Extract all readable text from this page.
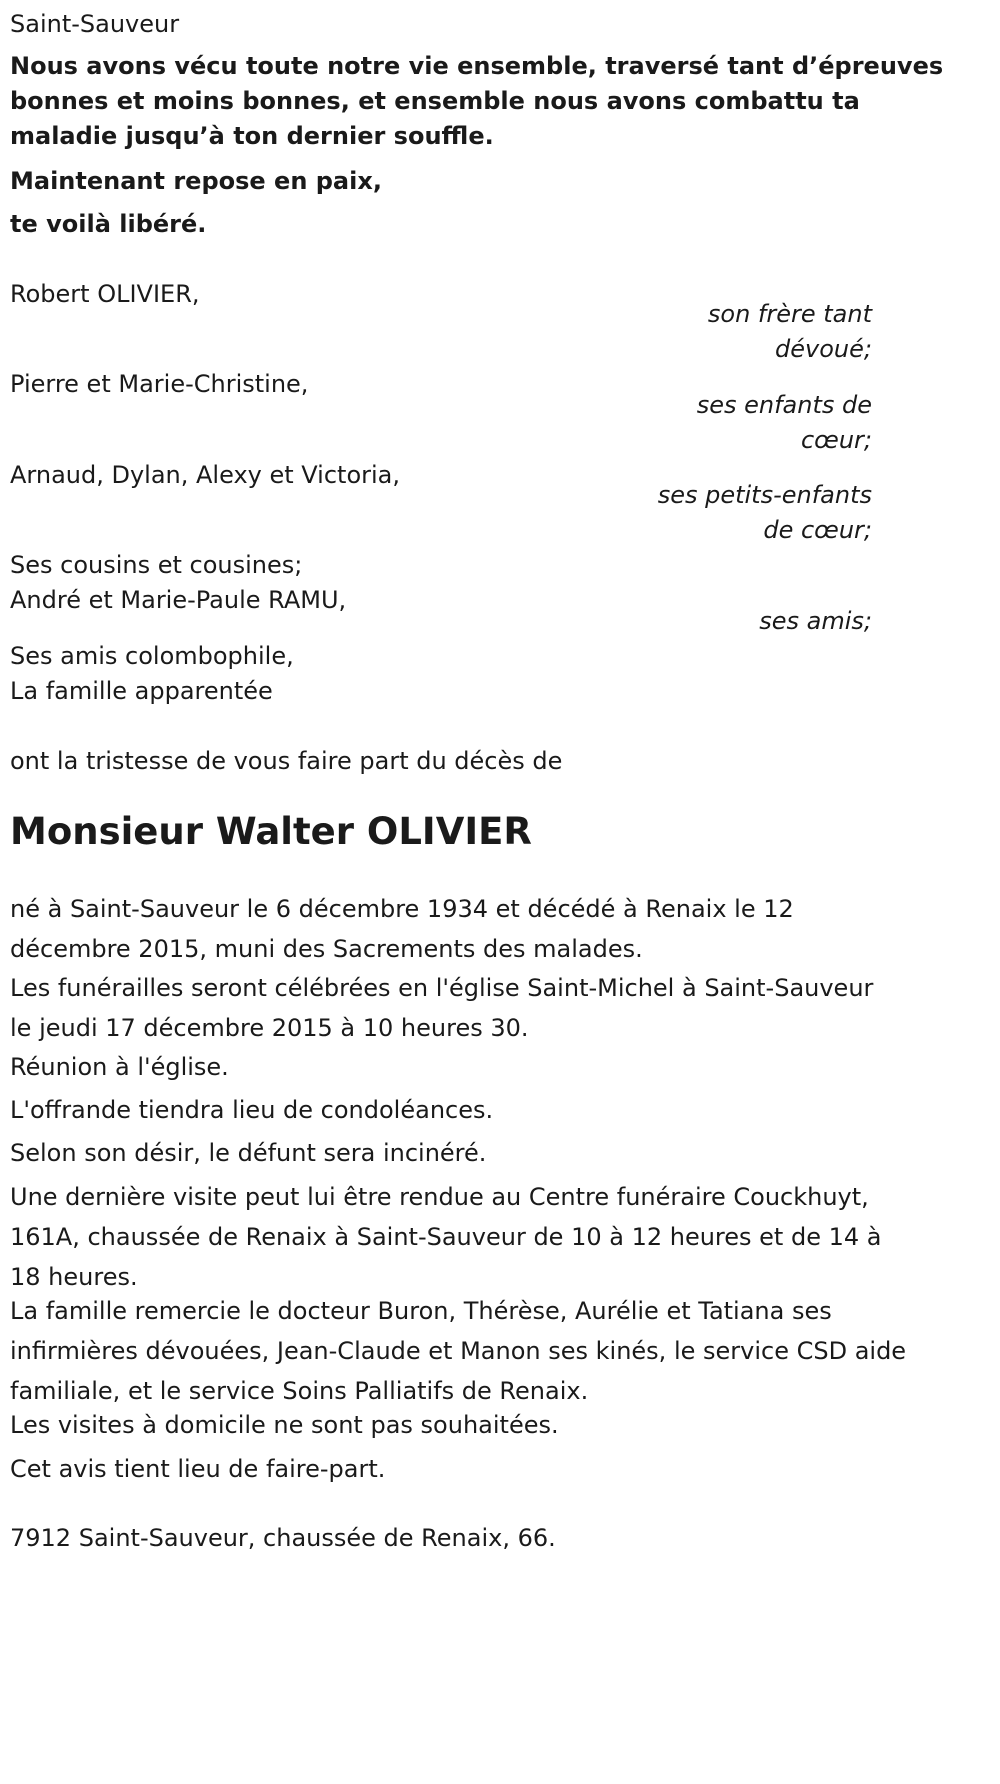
Saint-Sauveur
Nous avons vécu toute notre vie ensemble, traversé tant d’épreuves
bonnes et moins bonnes, et ensemble nous avons combattu ta
maladie jusqu’à ton dernier souffle.
Maintenant repose en paix,
te voilà libéré.
Robert OLIVIER,
son frère tant
dévoué;
Pierre et Marie-Christine,
ses enfants de
cœur;
Arnaud, Dylan, Alexy et Victoria,
ses petits-enfants
de cœur;
Ses cousins et cousines;
André et Marie-Paule RAMU,
ses amis;
Ses amis colombophile,
La famille apparentée
ont la tristesse de vous faire part du décès de
Monsieur Walter OLIVIER
né à Saint-Sauveur le 6 décembre 1934 et décédé à Renaix le 12 décembre 2015, muni des Sacrements des malades.
Les funérailles seront célébrées en l'église Saint-Michel à Saint-Sauveur le jeudi 17 décembre 2015 à 10 heures 30.
Réunion à l'église.
L'offrande tiendra lieu de condoléances.
Selon son désir, le défunt sera incinéré.
Une dernière visite peut lui être rendue au Centre funéraire Couckhuyt, 161A, chaussée de Renaix à Saint-Sauveur de 10 à 12 heures et de 14 à 18 heures.
La famille remercie le docteur Buron, Thérèse, Aurélie et Tatiana ses infirmières dévouées, Jean-Claude et Manon ses kinés, le service CSD aide familiale, et le service Soins Palliatifs de Renaix.
Les visites à domicile ne sont pas souhaitées.
Cet avis tient lieu de faire-part.
7912 Saint-Sauveur, chaussée de Renaix, 66.
